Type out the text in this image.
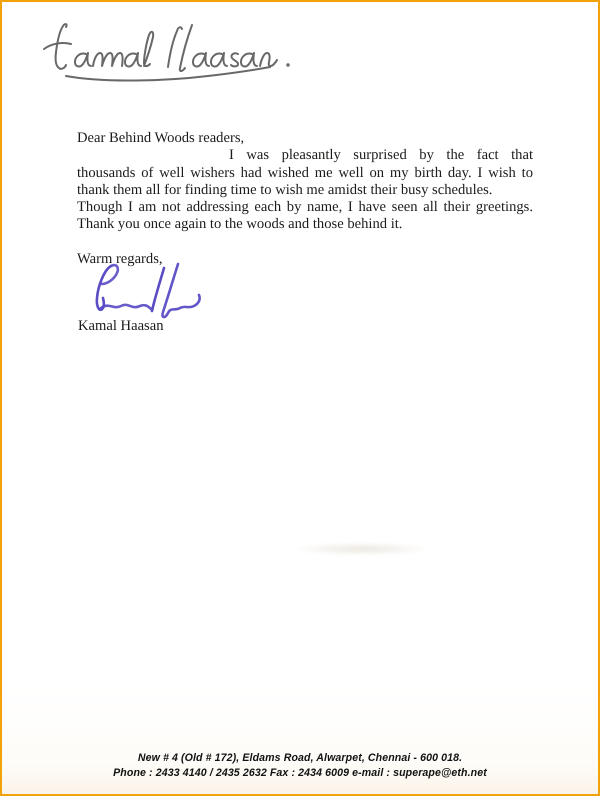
Dear Behind Woods readers,
I was pleasantly surprised by the fact that
thousands of well wishers had wished me well on my birth day. I wish to
thank them all for finding time to wish me amidst their busy schedules.
Though I am not addressing each by name, I have seen all their greetings.
Thank you once again to the woods and those behind it.
Warm regards,
Kamal Haasan
New # 4 (Old # 172), Eldams Road, Alwarpet, Chennai - 600 018.
Phone : 2433 4140 / 2435 2632 Fax : 2434 6009 e-mail : superape@eth.net
